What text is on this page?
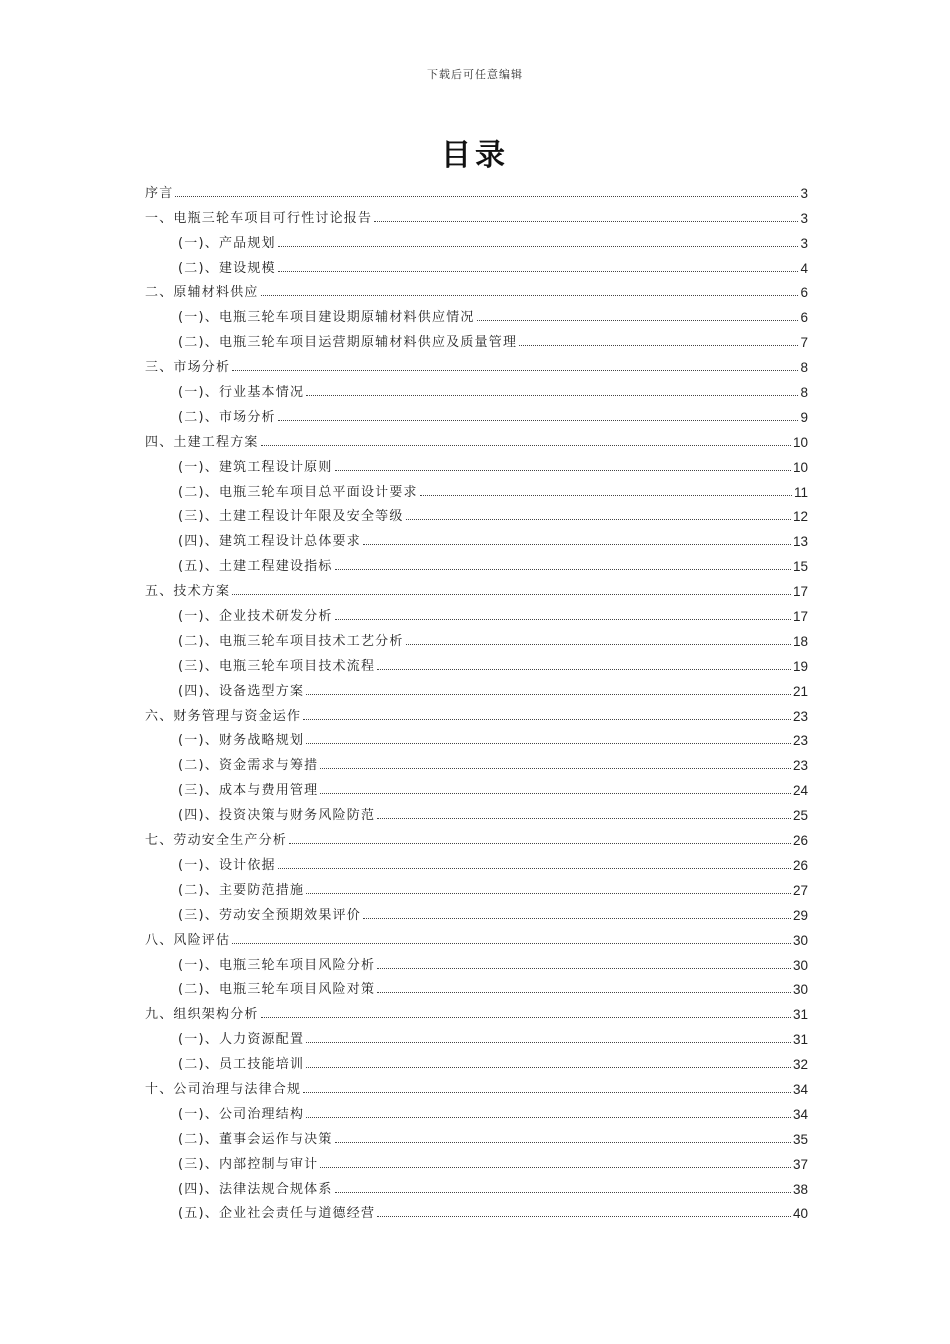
下载后可任意编辑
目录
序言	3
一、电瓶三轮车项目可行性讨论报告	3
(一)、产品规划	3
(二)、建设规模	4
二、原辅材料供应	6
(一)、电瓶三轮车项目建设期原辅材料供应情况	6
(二)、电瓶三轮车项目运营期原辅材料供应及质量管理	7
三、市场分析	8
(一)、行业基本情况	8
(二)、市场分析	9
四、土建工程方案	10
(一)、建筑工程设计原则	10
(二)、电瓶三轮车项目总平面设计要求	11
(三)、土建工程设计年限及安全等级	12
(四)、建筑工程设计总体要求	13
(五)、土建工程建设指标	15
五、技术方案	17
(一)、企业技术研发分析	17
(二)、电瓶三轮车项目技术工艺分析	18
(三)、电瓶三轮车项目技术流程	19
(四)、设备选型方案	21
六、财务管理与资金运作	23
(一)、财务战略规划	23
(二)、资金需求与筹措	23
(三)、成本与费用管理	24
(四)、投资决策与财务风险防范	25
七、劳动安全生产分析	26
(一)、设计依据	26
(二)、主要防范措施	27
(三)、劳动安全预期效果评价	29
八、风险评估	30
(一)、电瓶三轮车项目风险分析	30
(二)、电瓶三轮车项目风险对策	30
九、组织架构分析	31
(一)、人力资源配置	31
(二)、员工技能培训	32
十、公司治理与法律合规	34
(一)、公司治理结构	34
(二)、董事会运作与决策	35
(三)、内部控制与审计	37
(四)、法律法规合规体系	38
(五)、企业社会责任与道德经营	40
